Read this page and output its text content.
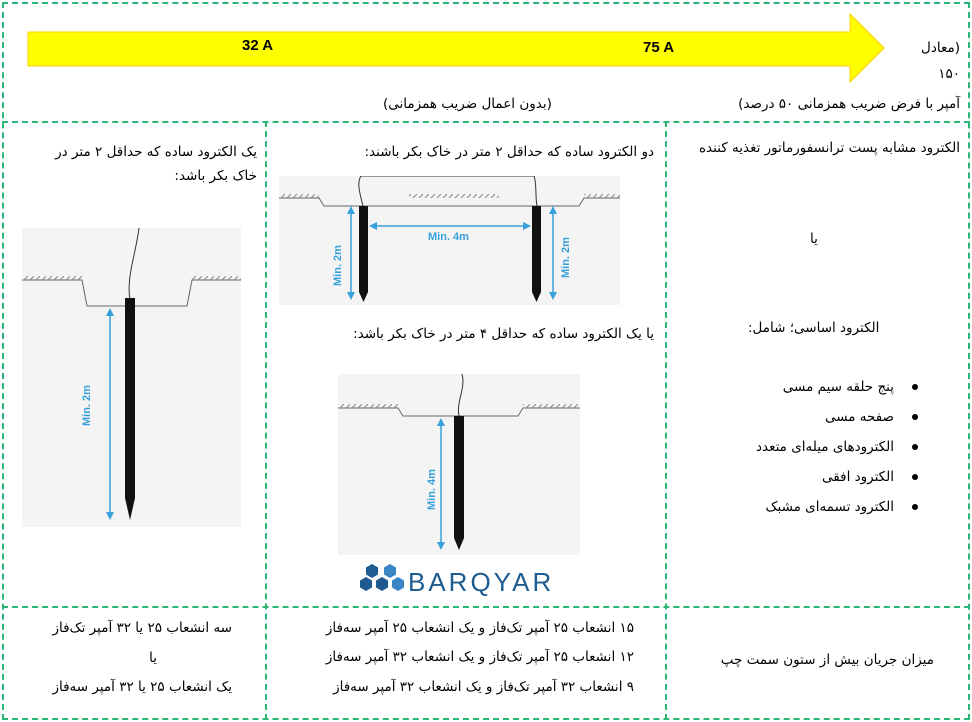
32 A	75 A	(معادل
۱۵۰
آمپر با فرض ضریب همزمانی ۵۰ درصد)
(بدون اعمال ضریب همزمانی)
الکترود مشابه پست ترانسفورماتور تغذیه کننده
یا
الکترود اساسی؛ شامل:
پنج حلقه سیم مسی
صفحه مسی
الکترودهای میله‌ای متعدد
الکترود افقی
الکترود تسمه‌ای مشبک
دو الکترود ساده که حداقل ۲ متر در خاک بکر باشند:
Min. 2m
Min. 4m
Min. 2m
یا یک الکترود ساده که حداقل ۴ متر در خاک بکر باشد:
Min. 4m
BARQYAR
یک الکترود ساده که حداقل ۲ متر در
خاک بکر باشد:
Min. 2m
میزان جریان بیش از ستون سمت چپ
۱۵ انشعاب ۲۵ آمپر تک‌فاز و یک انشعاب ۲۵ آمپر سه‌فاز
۱۲ انشعاب ۲۵ آمپر تک‌فاز و یک انشعاب ۳۲ آمپر سه‌فاز
۹ انشعاب ۳۲ آمپر تک‌فاز و یک انشعاب ۳۲ آمپر سه‌فاز
سه انشعاب ۲۵ یا ۳۲ آمپر تک‌فاز
یا
یک انشعاب ۲۵ یا ۳۲ آمپر سه‌فاز
